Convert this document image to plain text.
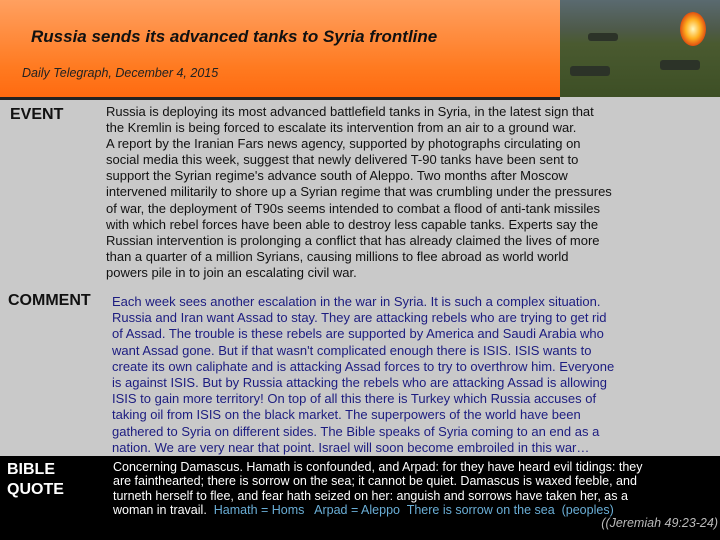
Russia sends its advanced tanks to Syria frontline
Daily Telegraph, December 4, 2015
EVENT	Russia is deploying its most advanced battlefield tanks in Syria, in the latest sign that
the Kremlin is being forced to escalate its intervention from an air to a ground war.
A report by the Iranian Fars news agency, supported by photographs circulating on
social media this week, suggest that newly delivered T-90 tanks have been sent to
support the Syrian regime's advance south of Aleppo. Two months after Moscow
intervened militarily to shore up a Syrian regime that was crumbling under the pressures
of war, the deployment of T90s seems intended to combat a flood of anti-tank missiles
with which rebel forces have been able to destroy less capable tanks. Experts say the
Russian intervention is prolonging a conflict that has already claimed the lives of more
than a quarter of a million Syrians, causing millions to flee abroad as world world
powers pile in to join an escalating civil war.
COMMENT Each week sees another escalation in the war in Syria. It is such a complex situation.
Russia and Iran want Assad to stay. They are attacking rebels who are trying to get rid
of Assad. The trouble is these rebels are supported by America and Saudi Arabia who
want Assad gone. But if that wasn't complicated enough there is ISIS. ISIS wants to
create its own caliphate and is attacking Assad forces to try to overthrow him. Everyone
is against ISIS. But by Russia attacking the rebels who are attacking Assad is allowing
ISIS to gain more territory! On top of all this there is Turkey which Russia accuses of
taking oil from ISIS on the black market. The superpowers of the world have been
gathered to Syria on different sides. The Bible speaks of Syria coming to an end as a
nation. We are very near that point. Israel will soon become embroiled in this war…
BIBLE
QUOTE
Concerning Damascus. Hamath is confounded, and Arpad: for they have heard evil tidings: they
are fainthearted; there is sorrow on the sea; it cannot be quiet. Damascus is waxed feeble, and
turneth herself to flee, and fear hath seized on her: anguish and sorrows have taken her, as a
woman in travail. Hamath = Homs   Arpad = Aleppo  There is sorrow on the sea  (peoples)
((Jeremiah 49:23-24)
